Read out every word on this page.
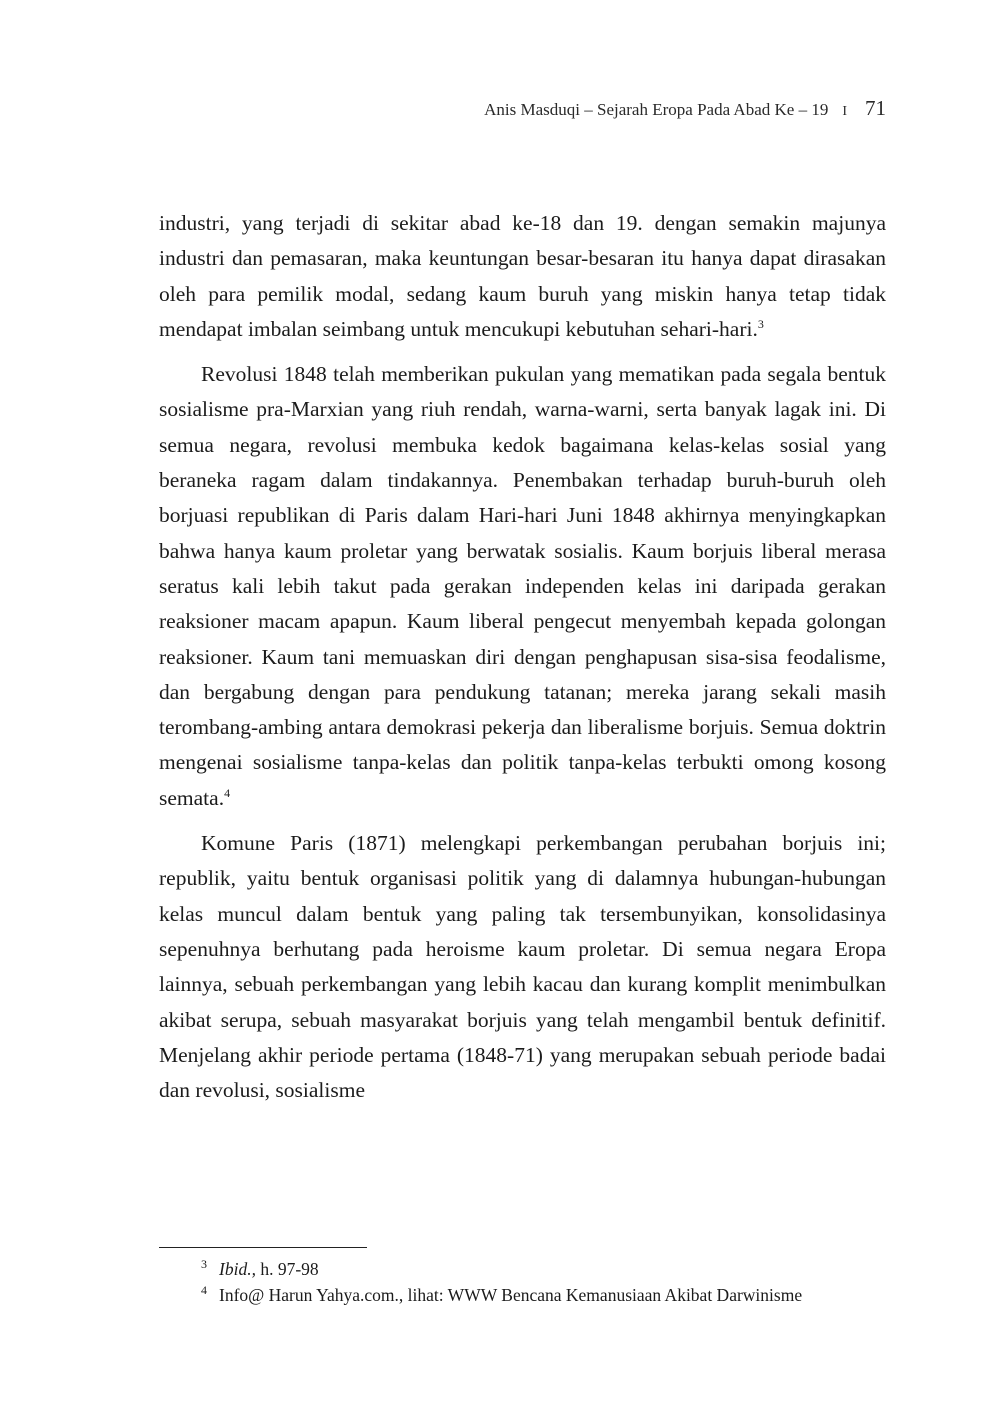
Anis Masduqi – Sejarah Eropa Pada Abad Ke – 19 I 71

industri, yang terjadi di sekitar abad ke-18 dan 19. dengan semakin majunya industri dan pemasaran, maka keuntungan besar-besaran itu hanya dapat dirasakan oleh para pemilik modal, sedang kaum buruh yang miskin hanya tetap tidak mendapat imbalan seimbang untuk mencukupi kebutuhan sehari-hari.$^3$

Revolusi 1848 telah memberikan pukulan yang mematikan pada segala bentuk sosialisme pra-Marxian yang riuh rendah, warna-warni, serta banyak lagak ini. Di semua negara, revolusi membuka kedok bagaimana kelas-kelas sosial yang beraneka ragam dalam tindakannya. Penembakan terhadap buruh-buruh oleh borjuasi republikan di Paris dalam Hari-hari Juni 1848 akhirnya menyingkapkan bahwa hanya kaum proletar yang berwatak sosialis. Kaum borjuis liberal merasa seratus kali lebih takut pada gerakan independen kelas ini daripada gerakan reaksioner macam apapun. Kaum liberal pengecut menyembah kepada golongan reaksioner. Kaum tani memuaskan diri dengan penghapusan sisa-sisa feodalisme, dan bergabung dengan para pendukung tatanan; mereka jarang sekali masih terombang-ambing antara demokrasi pekerja dan liberalisme borjuis. Semua doktrin mengenai sosialisme tanpa-kelas dan politik tanpa-kelas terbukti omong kosong semata.$^4$

Komune Paris (1871) melengkapi perkembangan perubahan borjuis ini; republik, yaitu bentuk organisasi politik yang di dalamnya hubungan-hubungan kelas muncul dalam bentuk yang paling tak tersembunyikan, konsolidasinya sepenuhnya berhutang pada heroisme kaum proletar. Di semua negara Eropa lainnya, sebuah perkembangan yang lebih kacau dan kurang komplit menimbulkan akibat serupa, sebuah masyarakat borjuis yang telah mengambil bentuk definitif. Menjelang akhir periode pertama (1848-71) yang merupakan sebuah periode badai dan revolusi, sosialisme

3 Ibid., h. 97-98
4 Info@ Harun Yahya.com., lihat: WWW Bencana Kemanusiaan Akibat Darwinisme
